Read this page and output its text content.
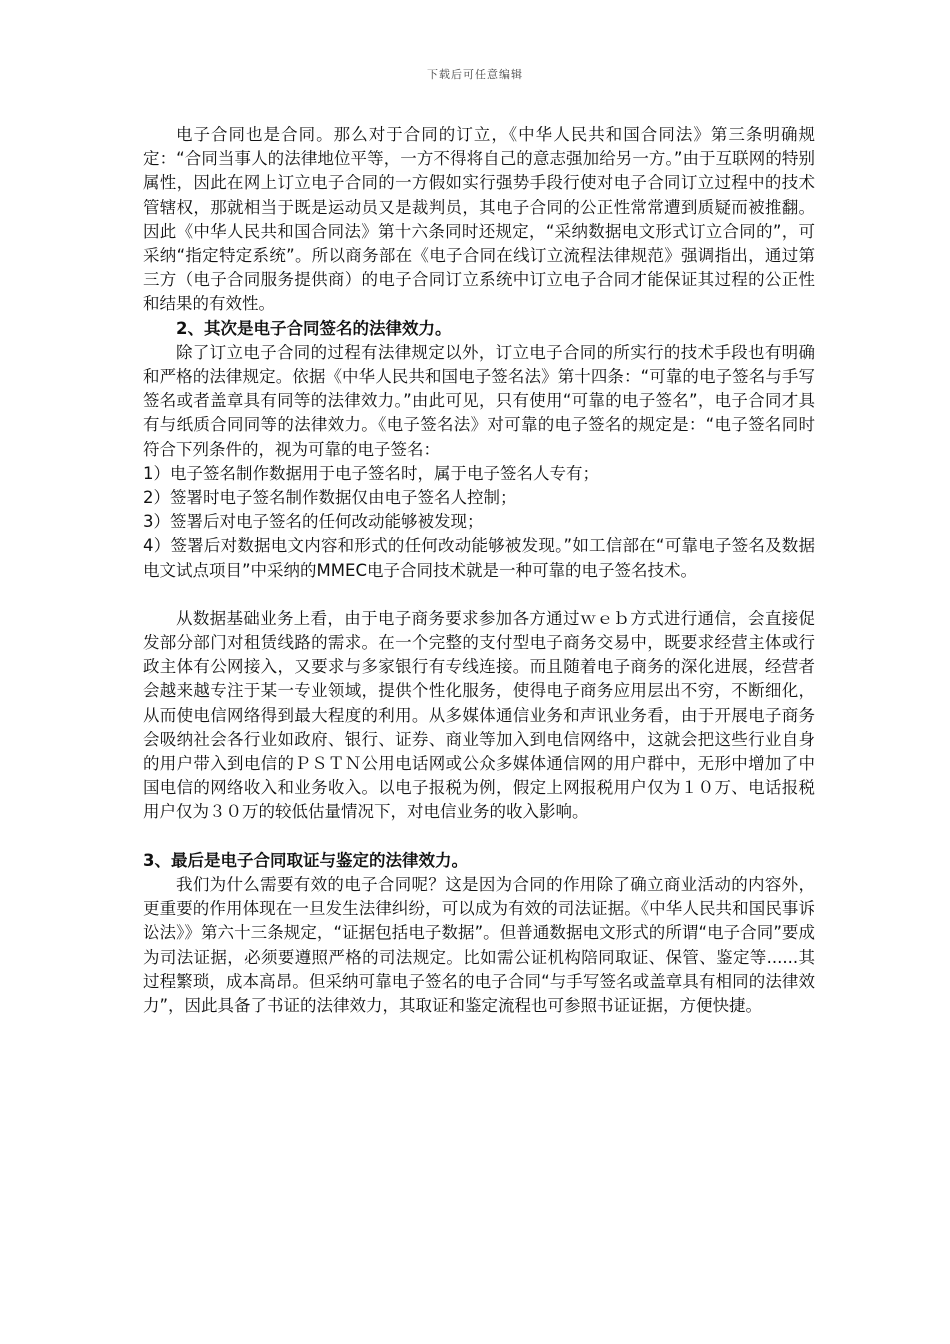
下载后可任意编辑

电子合同也是合同。那么对于合同的订立，《中华人民共和国合同法》第三条明确规定：“合同当事人的法律地位平等，一方不得将自己的意志强加给另一方。”由于互联网的特别属性，因此在网上订立电子合同的一方假如实行强势手段行使对电子合同订立过程中的技术管辖权，那就相当于既是运动员又是裁判员，其电子合同的公正性常常遭到质疑而被推翻。因此《中华人民共和国合同法》第十六条同时还规定，“采纳数据电文形式订立合同的”，可采纳“指定特定系统”。所以商务部在《电子合同在线订立流程法律规范》强调指出，通过第三方（电子合同服务提供商）的电子合同订立系统中订立电子合同才能保证其过程的公正性和结果的有效性。

2、其次是电子合同签名的法律效力。

除了订立电子合同的过程有法律规定以外，订立电子合同的所实行的技术手段也有明确和严格的法律规定。依据《中华人民共和国电子签名法》第十四条：“可靠的电子签名与手写签名或者盖章具有同等的法律效力。”由此可见，只有使用“可靠的电子签名”，电子合同才具有与纸质合同同等的法律效力。《电子签名法》对可靠的电子签名的规定是：“电子签名同时符合下列条件的，视为可靠的电子签名：

1）电子签名制作数据用于电子签名时，属于电子签名人专有；

2）签署时电子签名制作数据仅由电子签名人控制；

3）签署后对电子签名的任何改动能够被发现；

4）签署后对数据电文内容和形式的任何改动能够被发现。”如工信部在“可靠电子签名及数据电文试点项目”中采纳的MMEC电子合同技术就是一种可靠的电子签名技术。

从数据基础业务上看，由于电子商务要求参加各方通过ｗｅｂ方式进行通信，会直接促发部分部门对租赁线路的需求。在一个完整的支付型电子商务交易中，既要求经营主体或行政主体有公网接入，又要求与多家银行有专线连接。而且随着电子商务的深化进展，经营者会越来越专注于某一专业领域，提供个性化服务，使得电子商务应用层出不穷，不断细化，从而使电信网络得到最大程度的利用。从多媒体通信业务和声讯业务看，由于开展电子商务会吸纳社会各行业如政府、银行、证券、商业等加入到电信网络中，这就会把这些行业自身的用户带入到电信的ＰＳＴＮ公用电话网或公众多媒体通信网的用户群中，无形中增加了中国电信的网络收入和业务收入。以电子报税为例，假定上网报税用户仅为１０万、电话报税用户仅为３０万的较低估量情况下，对电信业务的收入影响。

3、最后是电子合同取证与鉴定的法律效力。

我们为什么需要有效的电子合同呢？这是因为合同的作用除了确立商业活动的内容外，更重要的作用体现在一旦发生法律纠纷，可以成为有效的司法证据。《中华人民共和国民事诉讼法》》第六十三条规定，“证据包括电子数据”。但普通数据电文形式的所谓“电子合同”要成为司法证据，必须要遵照严格的司法规定。比如需公证机构陪同取证、保管、鉴定等......其过程繁琐，成本高昂。但采纳可靠电子签名的电子合同“与手写签名或盖章具有相同的法律效力”，因此具备了书证的法律效力，其取证和鉴定流程也可参照书证证据，方便快捷。
